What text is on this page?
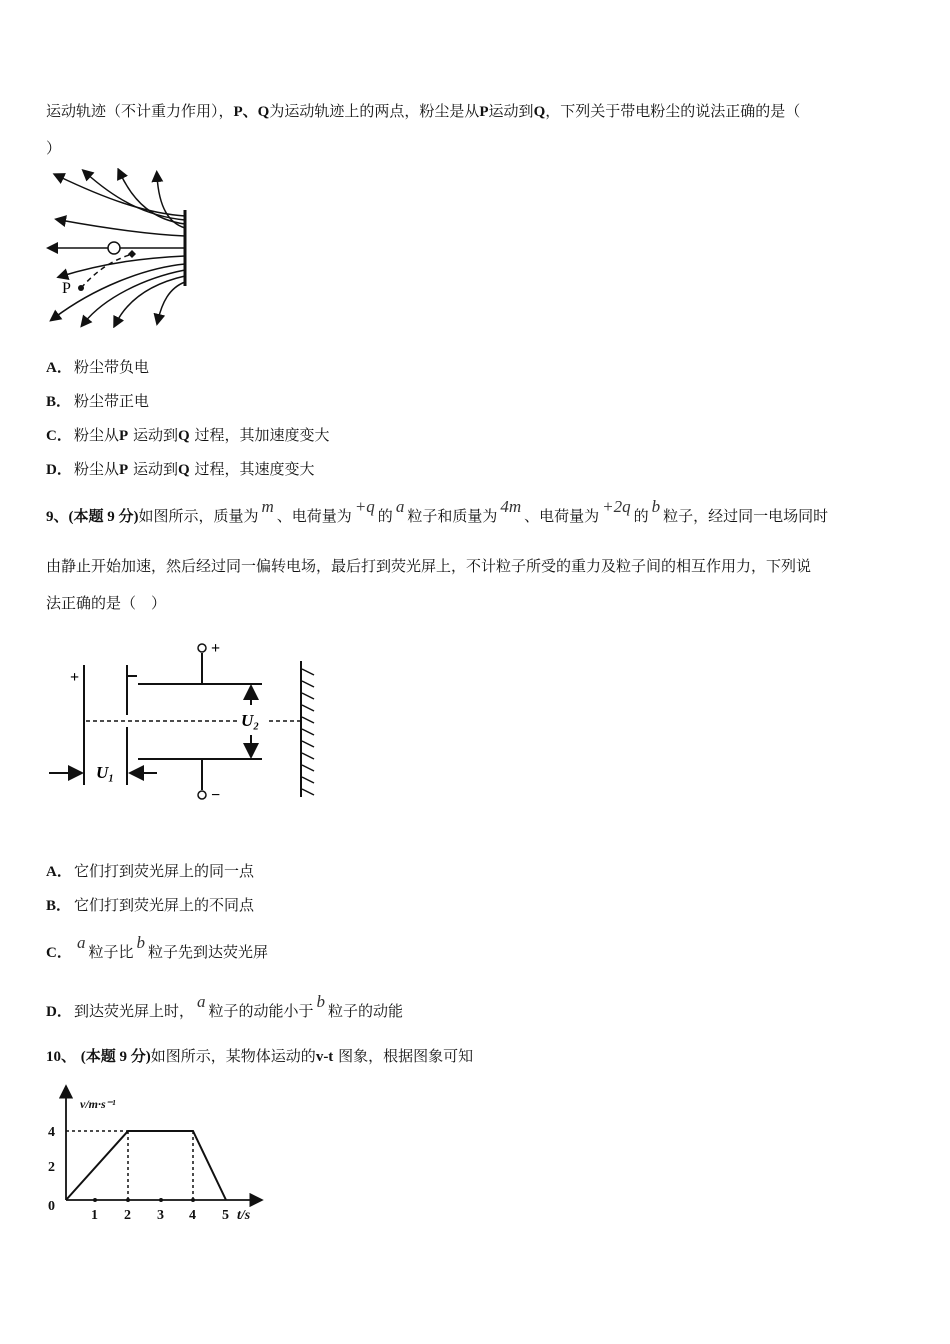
运动轨迹（不计重力作用），P、Q为运动轨迹上的两点，粉尘是从P运动到Q，下列关于带电粉尘的说法正确的是（
）
P
A． 粉尘带负电
B． 粉尘带正电
C． 粉尘从P 运动到Q 过程，其加速度变大
D． 粉尘从P 运动到Q 过程，其速度变大
9、(本题 9 分)如图所示，质量为 m 、电荷量为 +q 的 a 粒子和质量为 4m 、电荷量为 +2q 的 b 粒子，经过同一电场同时
由静止开始加速，然后经过同一偏转电场，最后打到荧光屏上，不计粒子所受的重力及粒子间的相互作用力，下列说
法正确的是（　）
+
−
+
U₁
U₂
A． 它们打到荧光屏上的同一点
B． 它们打到荧光屏上的不同点
C．a 粒子比 b 粒子先到达荧光屏
D． 到达荧光屏上时， a 粒子的动能小于 b 粒子的动能
10、 (本题 9 分)如图所示，某物体运动的v-t 图象，根据图象可知
0
1 2 3 4 5
2
4
t/s
v/m·s⁻¹
